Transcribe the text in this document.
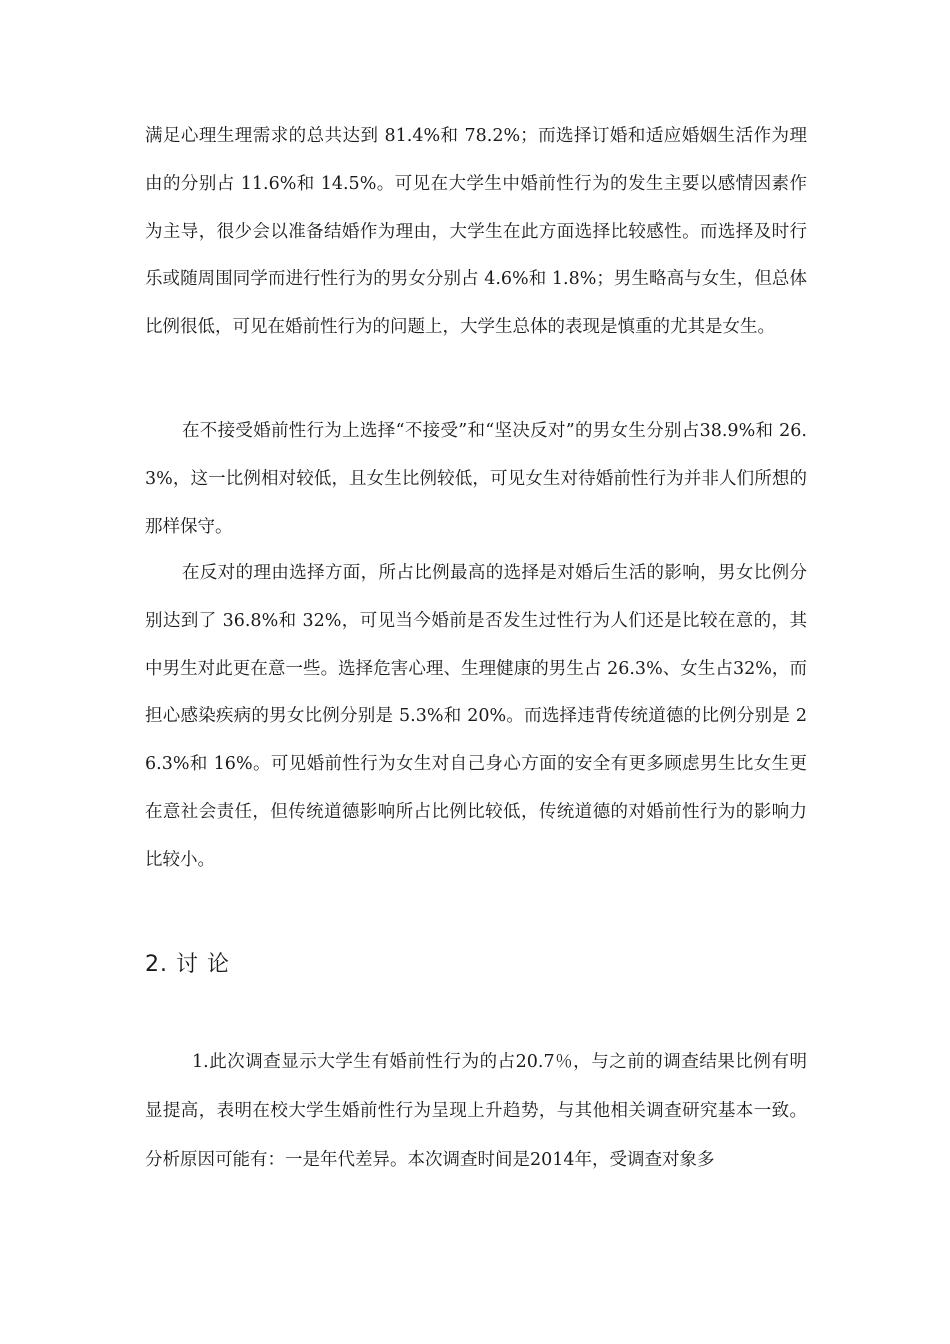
满足心理生理需求的总共达到 81.4%和 78.2%；而选择订婚和适应婚姻生活作为理由的分别占 11.6%和 14.5%。可见在大学生中婚前性行为的发生主要以感情因素作为主导，很少会以准备结婚作为理由，大学生在此方面选择比较感性。而选择及时行乐或随周围同学而进行性行为的男女分别占 4.6%和 1.8%；男生略高与女生，但总体比例很低，可见在婚前性行为的问题上，大学生总体的表现是慎重的尤其是女生。

在不接受婚前性行为上选择“不接受”和“坚决反对”的男女生分别占38.9%和 26.3%，这一比例相对较低，且女生比例较低，可见女生对待婚前性行为并非人们所想的那样保守。

在反对的理由选择方面，所占比例最高的选择是对婚后生活的影响，男女比例分别达到了 36.8%和 32%，可见当今婚前是否发生过性行为人们还是比较在意的，其中男生对此更在意一些。选择危害心理、生理健康的男生占 26.3%、女生占32%，而担心感染疾病的男女比例分别是 5.3%和 20%。而选择违背传统道德的比例分别是 26.3%和 16%。可见婚前性行为女生对自己身心方面的安全有更多顾虑男生比女生更在意社会责任，但传统道德影响所占比例比较低，传统道德的对婚前性行为的影响力比较小。

2. 讨 论

1.此次调查显示大学生有婚前性行为的占20.7％，与之前的调查结果比例有明显提高，表明在校大学生婚前性行为呈现上升趋势，与其他相关调查研究基本一致。分析原因可能有：一是年代差异。本次调查时间是2014年，受调查对象多
